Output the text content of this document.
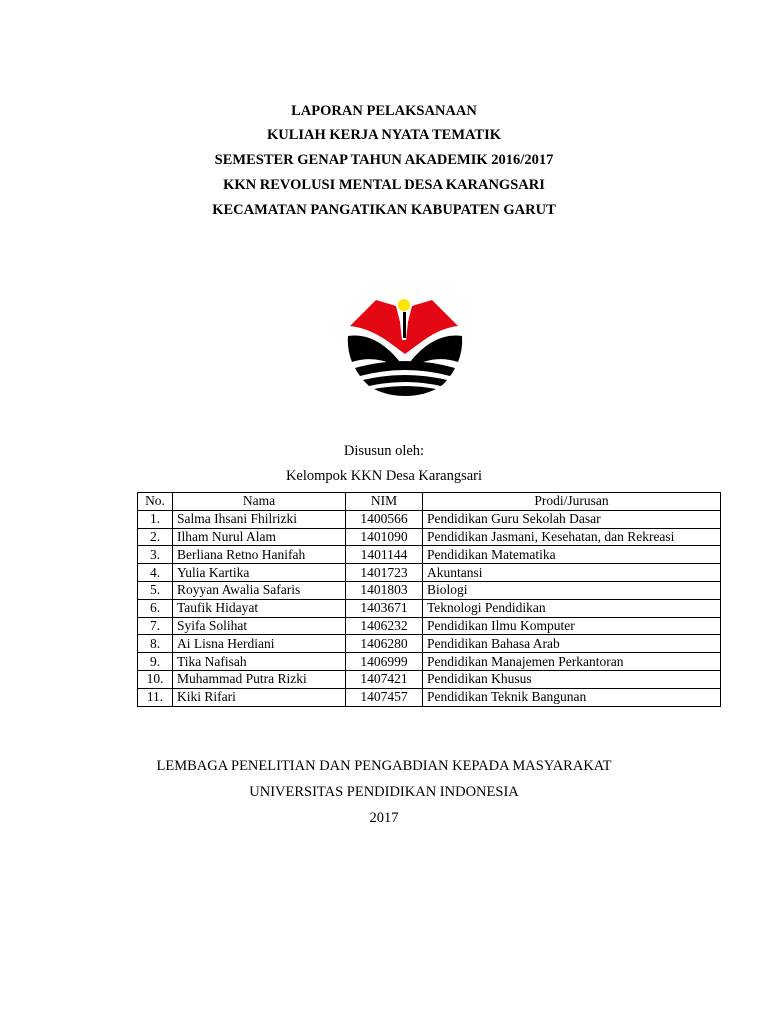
LAPORAN PELAKSANAAN
KULIAH KERJA NYATA TEMATIK
SEMESTER GENAP TAHUN AKADEMIK 2016/2017
KKN REVOLUSI MENTAL DESA KARANGSARI
KECAMATAN PANGATIKAN KABUPATEN GARUT
Disusun oleh:
Kelompok KKN Desa Karangsari
No.	Nama	NIM	Prodi/Jurusan
1.	Salma Ihsani Fhilrizki	1400566	Pendidikan Guru Sekolah Dasar
2.	Ilham Nurul Alam	1401090	Pendidikan Jasmani, Kesehatan, dan Rekreasi
3.	Berliana Retno Hanifah	1401144	Pendidikan Matematika
4.	Yulia Kartika	1401723	Akuntansi
5.	Royyan Awalia Safaris	1401803	Biologi
6.	Taufik Hidayat	1403671	Teknologi Pendidikan
7.	Syifa Solihat	1406232	Pendidikan Ilmu Komputer
8.	Ai Lisna Herdiani	1406280	Pendidikan Bahasa Arab
9.	Tika Nafisah	1406999	Pendidikan Manajemen Perkantoran
10.	Muhammad Putra Rizki	1407421	Pendidikan Khusus
11.	Kiki Rifari	1407457	Pendidikan Teknik Bangunan
LEMBAGA PENELITIAN DAN PENGABDIAN KEPADA MASYARAKAT
UNIVERSITAS PENDIDIKAN INDONESIA
2017
